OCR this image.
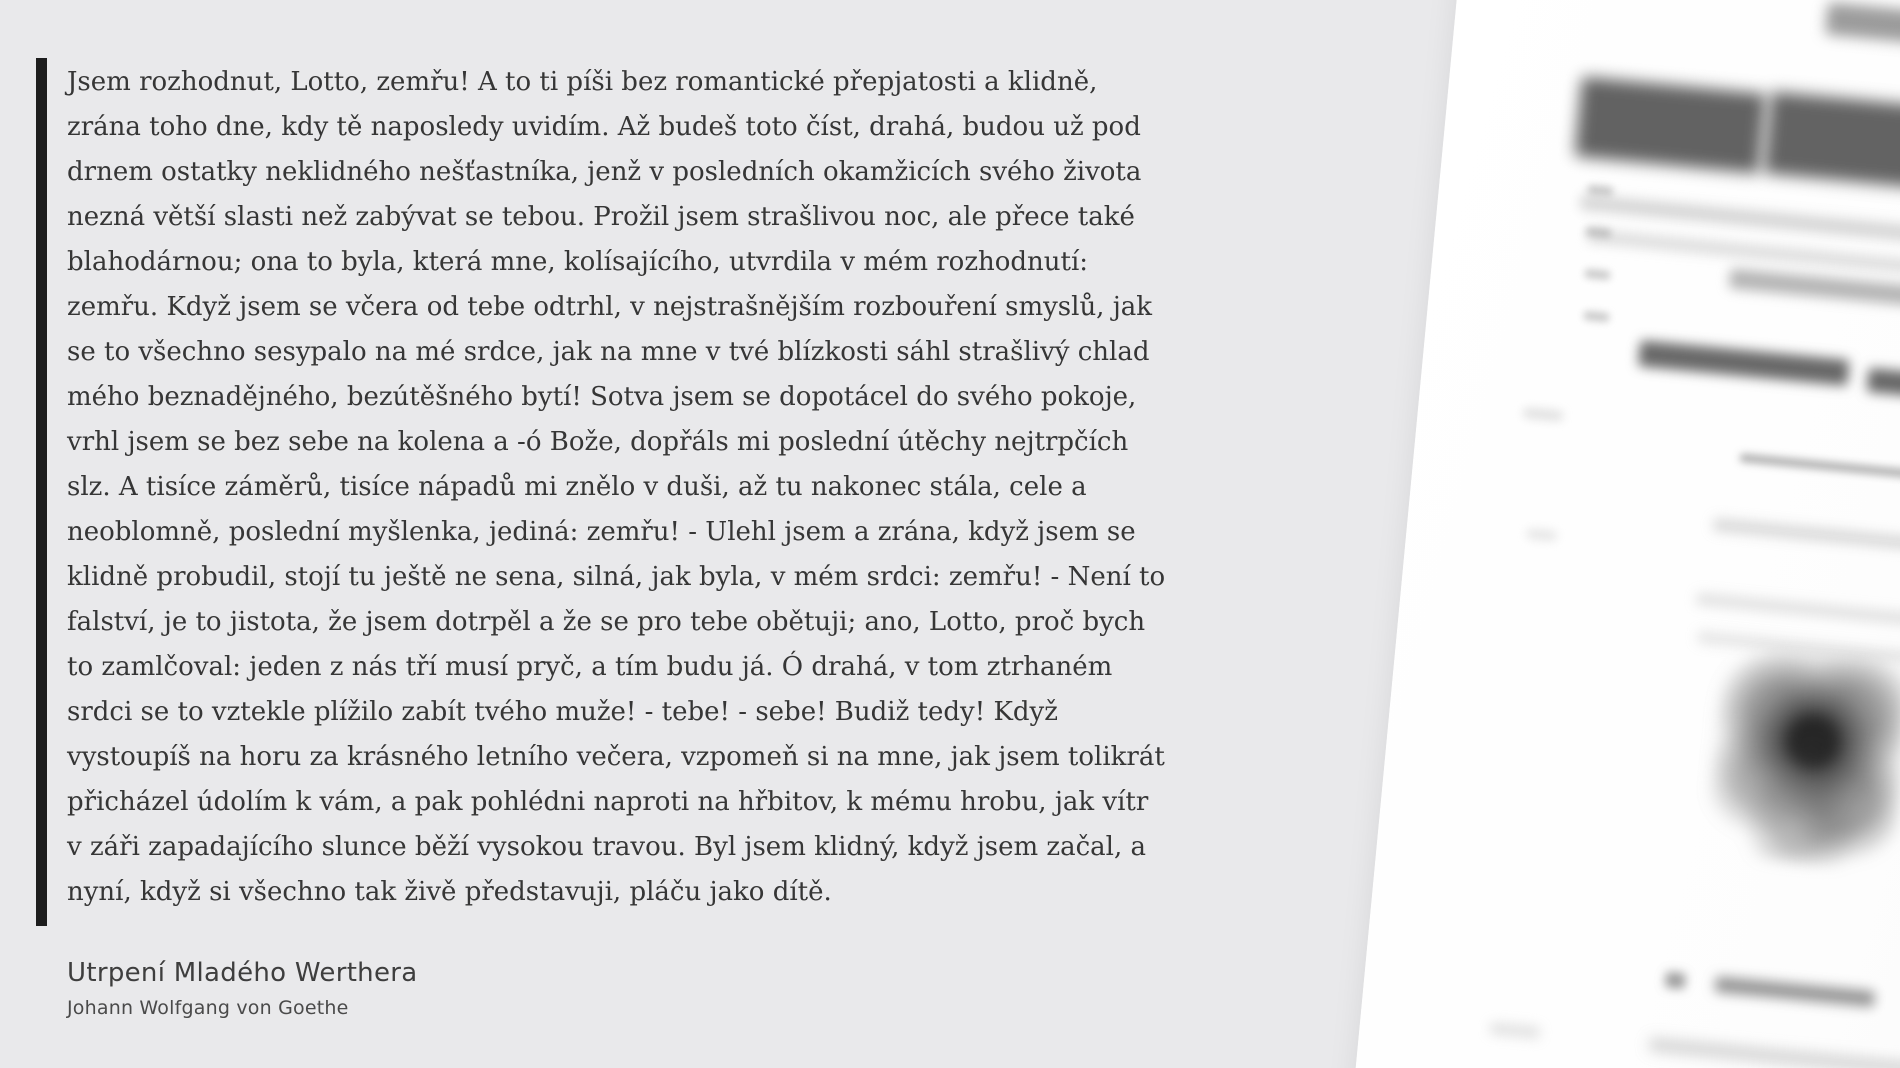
Jsem rozhodnut, Lotto, zemřu! A to ti píši bez romantické přepjatosti a klidně,
zrána toho dne, kdy tě naposledy uvidím. Až budeš toto číst, drahá, budou už pod
drnem ostatky neklidného nešťastníka, jenž v posledních okamžicích svého života
nezná větší slasti než zabývat se tebou. Prožil jsem strašlivou noc, ale přece také
blahodárnou; ona to byla, která mne, kolísajícího, utvrdila v mém rozhodnutí:
zemřu. Když jsem se včera od tebe odtrhl, v nejstrašnějším rozbouření smyslů, jak
se to všechno sesypalo na mé srdce, jak na mne v tvé blízkosti sáhl strašlivý chlad
mého beznadějného, bezútěšného bytí! Sotva jsem se dopotácel do svého pokoje,
vrhl jsem se bez sebe na kolena a -ó Bože, dopřáls mi poslední útěchy nejtrpčích
slz. A tisíce záměrů, tisíce nápadů mi znělo v duši, až tu nakonec stála, cele a
neoblomně, poslední myšlenka, jediná: zemřu! - Ulehl jsem a zrána, když jsem se
klidně probudil, stojí tu ještě ne sena, silná, jak byla, v mém srdci: zemřu! - Není to
falství, je to jistota, že jsem dotrpěl a že se pro tebe obětuji; ano, Lotto, proč bych
to zamlčoval: jeden z nás tří musí pryč, a tím budu já. Ó drahá, v tom ztrhaném
srdci se to vztekle plížilo zabít tvého muže! - tebe! - sebe! Budiž tedy! Když
vystoupíš na horu za krásného letního večera, vzpomeň si na mne, jak jsem tolikrát
přicházel údolím k vám, a pak pohlédni naproti na hřbitov, k mému hrobu, jak vítr
v záři zapadajícího slunce běží vysokou travou. Byl jsem klidný, když jsem začal, a
nyní, když si všechno tak živě představuji, pláču jako dítě.
Utrpení Mladého Werthera
Johann Wolfgang von Goethe
